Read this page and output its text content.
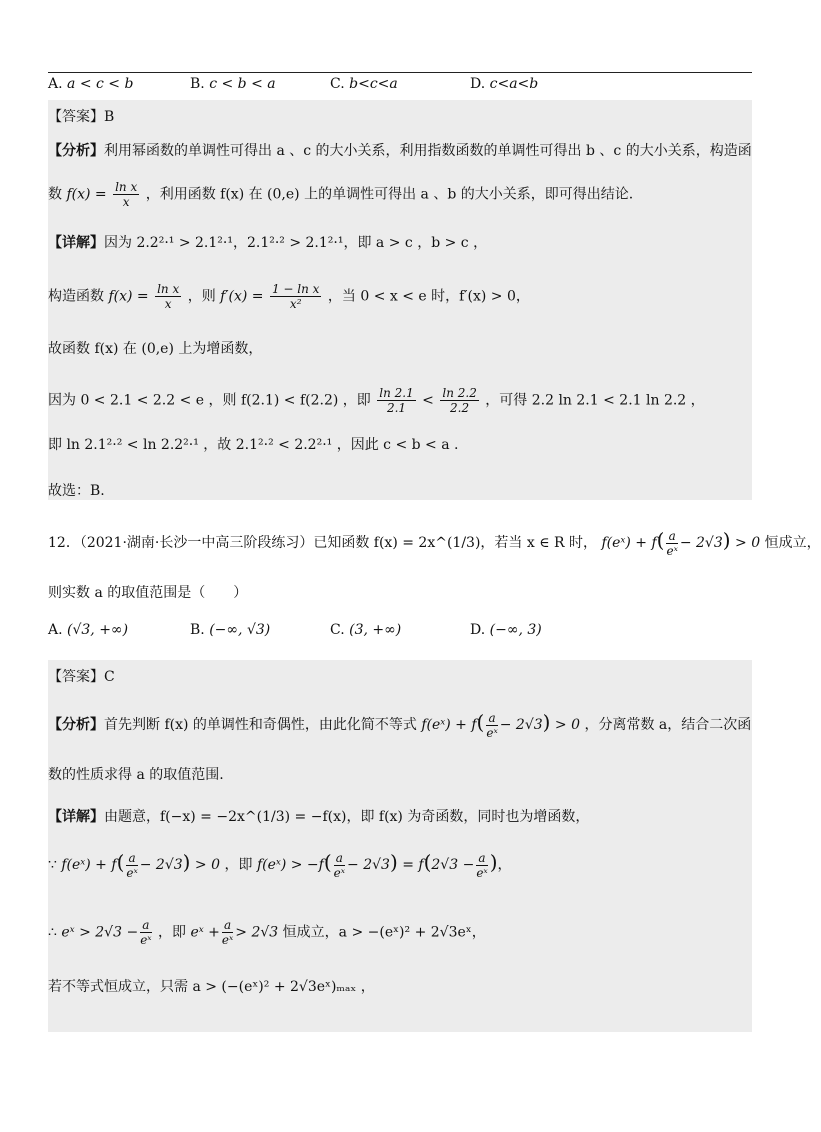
A. a < c < b	B. c < b < a	C. b<c<a	D. c<a<b
【答案】B
【分析】利用幂函数的单调性可得出 a 、c 的大小关系，利用指数函数的单调性可得出 b 、c 的大小关系，构造函
数 $f(x) = \frac{\text{ln x}}{x}$ ，利用函数 f(x) 在 (0,e) 上的单调性可得出 a 、b 的大小关系，即可得出结论.
【详解】因为 2.2²·¹ > 2.1²·¹，2.1²·² > 2.1²·¹，即 a > c ，b > c ，
构造函数 $f(x) = \frac{\text{ln x}}{x}$ ，则 $f'(x) = \frac{\text{1 − ln x}}{\text{x²}}$ ，当 0 < x < e 时，f′(x) > 0，
故函数 f(x) 在 (0,e) 上为增函数，
因为 0 < 2.1 < 2.2 < e ，则 f(2.1) < f(2.2) ，即 $\frac{\ln 2.1}{2.1} < \frac{\ln 2.2}{2.2}$ ，可得 2.2 ln 2.1 < 2.1 ln 2.2 ，
即 ln 2.1²·² < ln 2.2²·¹ ，故 2.1²·² < 2.2²·¹ ，因此 c < b < a .
故选：B.
12．（2021·湖南·长沙一中高三阶段练习）已知函数 f(x) = 2x^(1/3)，若当 x ∈ R 时， f(eˣ) + $f( \frac{a}{\text{eˣ}} - 2√3) > 0$ 恒成立，
则实数 a 的取值范围是（　　）
A. (√3, +∞)	B. (−∞, √3)	C. (3, +∞)	D. (−∞, 3)
【答案】C
【分析】首先判断 f(x) 的单调性和奇偶性，由此化简不等式 f(eˣ) + $f( \frac{a}{\text{eˣ}} - 2√3) > 0$ ，分离常数 a，结合二次函
数的性质求得 a 的取值范围.
【详解】由题意，f(−x) = −2x^(1/3) = −f(x)，即 f(x) 为奇函数，同时也为增函数，
∵ f(eˣ) + $f( \frac{a}{\text{eˣ}} - 2√3) > 0$ ，即 f(eˣ) > $-f( \frac{a}{\text{eˣ}} - 2√3) = f(2√3 - \frac{a}{\text{eˣ}}$ )，
∴ eˣ > $2√3 - \frac{a}{\text{eˣ}}$ ，即 eˣ + $\frac{a}{\text{eˣ}} > 2√3$ 恒成立，a > −(eˣ)² + 2√3eˣ，
若不等式恒成立，只需 a > (−(eˣ)² + 2√3eˣ)ₘₐₓ ，
